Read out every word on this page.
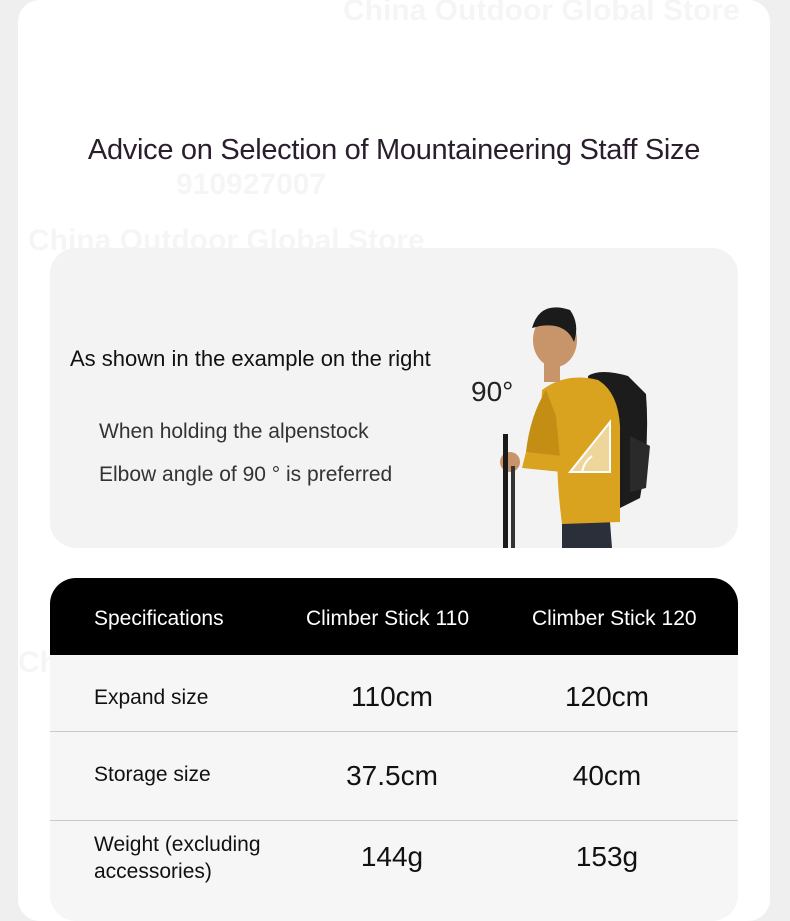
Advice on Selection of Mountaineering Staff Size
As shown in the example on the right
When holding the alpenstock
Elbow angle of 90 ° is preferred
90°
Specifications	Climber Stick 110	Climber Stick 120
Expand size	110cm	120cm
Storage size	37.5cm	40cm
Weight (excluding
accessories)	144g	153g
